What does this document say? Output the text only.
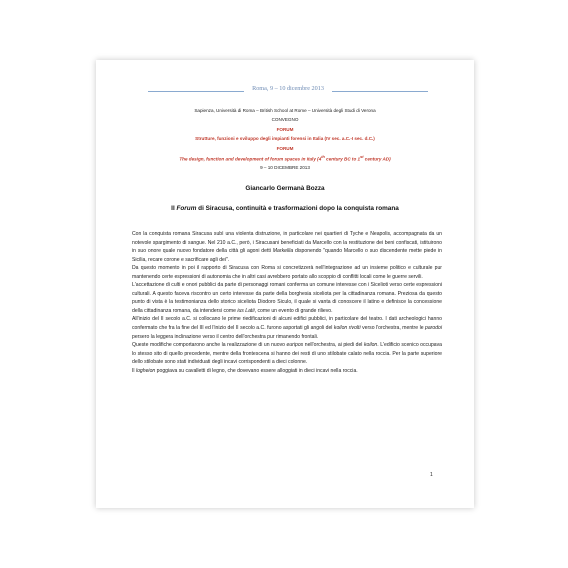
Roma, 9 – 10 dicembre 2013
Sapienza, Università di Roma – British School at Rome – Università degli Studi di Verona
CONVEGNO
FORUM
Strutture, funzioni e sviluppo degli impianti forensi in Italia (IV sec. a.C.-I sec. d.C.)
FORUM
The design, function and development of forum spaces in Italy (4th century BC to 1st century AD)
9 – 10 DICEMBRE 2013
Giancarlo Germanà Bozza
Il Forum di Siracusa, continuità e trasformazioni dopo la conquista romana
Con la conquista romana Siracusa subì una violenta distruzione, in particolare nei quartieri di Tyche e Neapolis, accompagnata da un notevole spargimento di sangue. Nel 210 a.C., però, i Siracusani beneficiati da Marcello con la restituzione dei beni confiscati, istituirono in suo onore quale nuovo fondatore della città gli agoni detti Markellia disponendo "quando Marcello o suo discendente mette piede in Sicilia, recare corone e sacrificare agli dei".
Da questo momento in poi il rapporto di Siracusa con Roma si concretizzerà nell'integrazione ad un insieme politico e culturale pur mantenendo certe espressioni di autonomia che in altri casi avrebbero portato allo scoppio di conflitti locali come le guerre servili.
L'accettazione di culti e onori pubblici da parte di personaggi romani conferma un comune interesse con i Sicelioti verso certe espressioni culturali. A questo faceva riscontro un certo interesse da parte della borghesia siceliota per la cittadinanza romana. Preziosa da questo punto di vista è la testimonianza dello storico siceliota Diodoro Siculo, il quale si vanta di conoscere il latino e definisce la concessione della cittadinanza romana, da intendersi come ius Latii, come un evento di grande rilievo.
All'inizio del II secolo a.C. si collocano le prime riedificazioni di alcuni edifici pubblici, in particolare del teatro. I dati archeologici hanno confermato che fra la fine del III ed l'inizio del II secolo a.C. furono asportati gli angoli del koilon rivolti verso l'orchestra, mentre le parodoi persero la leggera inclinazione verso il centro dell'orchestra pur rimanendo frontali.
Queste modifiche comportarono anche la realizzazione di un nuovo euripos nell'orchestra, ai piedi del koilon. L'edificio scenico occupava lo stesso sito di quello precedente, mentre della frontescena si hanno dei resti di uno stilobate calato nella roccia. Per la parte superiore dello stilobate sono stati individuati degli incavi corrispondenti a dieci colonne.
Il logheion poggiava su cavalletti di legno, che dovevano essere alloggiati in dieci incavi nella roccia.
1
